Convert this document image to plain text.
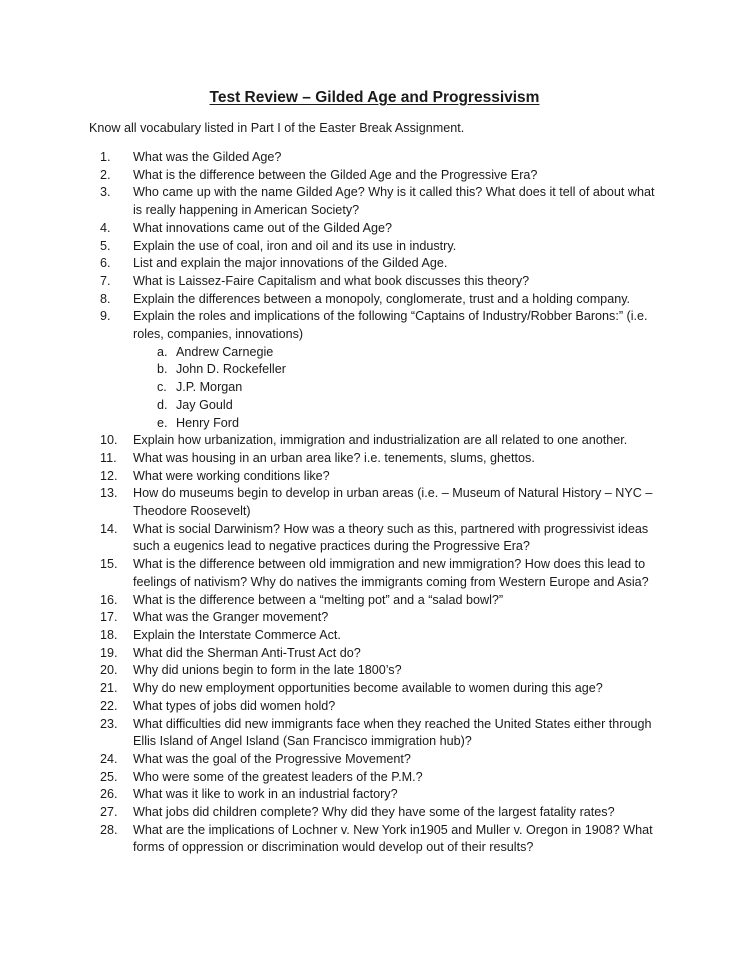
Test Review – Gilded Age and Progressivism

Know all vocabulary listed in Part I of the Easter Break Assignment.

1.	What was the Gilded Age?
2.	What is the difference between the Gilded Age and the Progressive Era?
3.	Who came up with the name Gilded Age? Why is it called this? What does it tell of about what is really happening in American Society?
4.	What innovations came out of the Gilded Age?
5.	Explain the use of coal, iron and oil and its use in industry.
6.	List and explain the major innovations of the Gilded Age.
7.	What is Laissez-Faire Capitalism and what book discusses this theory?
8.	Explain the differences between a monopoly, conglomerate, trust and a holding company.
9.	Explain the roles and implications of the following “Captains of Industry/Robber Barons:” (i.e. roles, companies, innovations)
a. Andrew Carnegie
b. John D. Rockefeller
c. J.P. Morgan
d. Jay Gould
e. Henry Ford
10.	Explain how urbanization, immigration and industrialization are all related to one another.
11.	What was housing in an urban area like? i.e. tenements, slums, ghettos.
12.	What were working conditions like?
13.	How do museums begin to develop in urban areas (i.e. – Museum of Natural History – NYC – Theodore Roosevelt)
14.	What is social Darwinism? How was a theory such as this, partnered with progressivist ideas such a eugenics lead to negative practices during the Progressive Era?
15.	What is the difference between old immigration and new immigration? How does this lead to feelings of nativism? Why do natives the immigrants coming from Western Europe and Asia?
16.	What is the difference between a “melting pot” and a “salad bowl?”
17.	What was the Granger movement?
18.	Explain the Interstate Commerce Act.
19.	What did the Sherman Anti-Trust Act do?
20.	Why did unions begin to form in the late 1800’s?
21.	Why do new employment opportunities become available to women during this age?
22.	What types of jobs did women hold?
23.	What difficulties did new immigrants face when they reached the United States either through Ellis Island of Angel Island (San Francisco immigration hub)?
24.	What was the goal of the Progressive Movement?
25.	Who were some of the greatest leaders of the P.M.?
26.	What was it like to work in an industrial factory?
27.	What jobs did children complete? Why did they have some of the largest fatality rates?
28.	What are the implications of Lochner v. New York in1905 and Muller v. Oregon in 1908? What forms of oppression or discrimination would develop out of their results?
